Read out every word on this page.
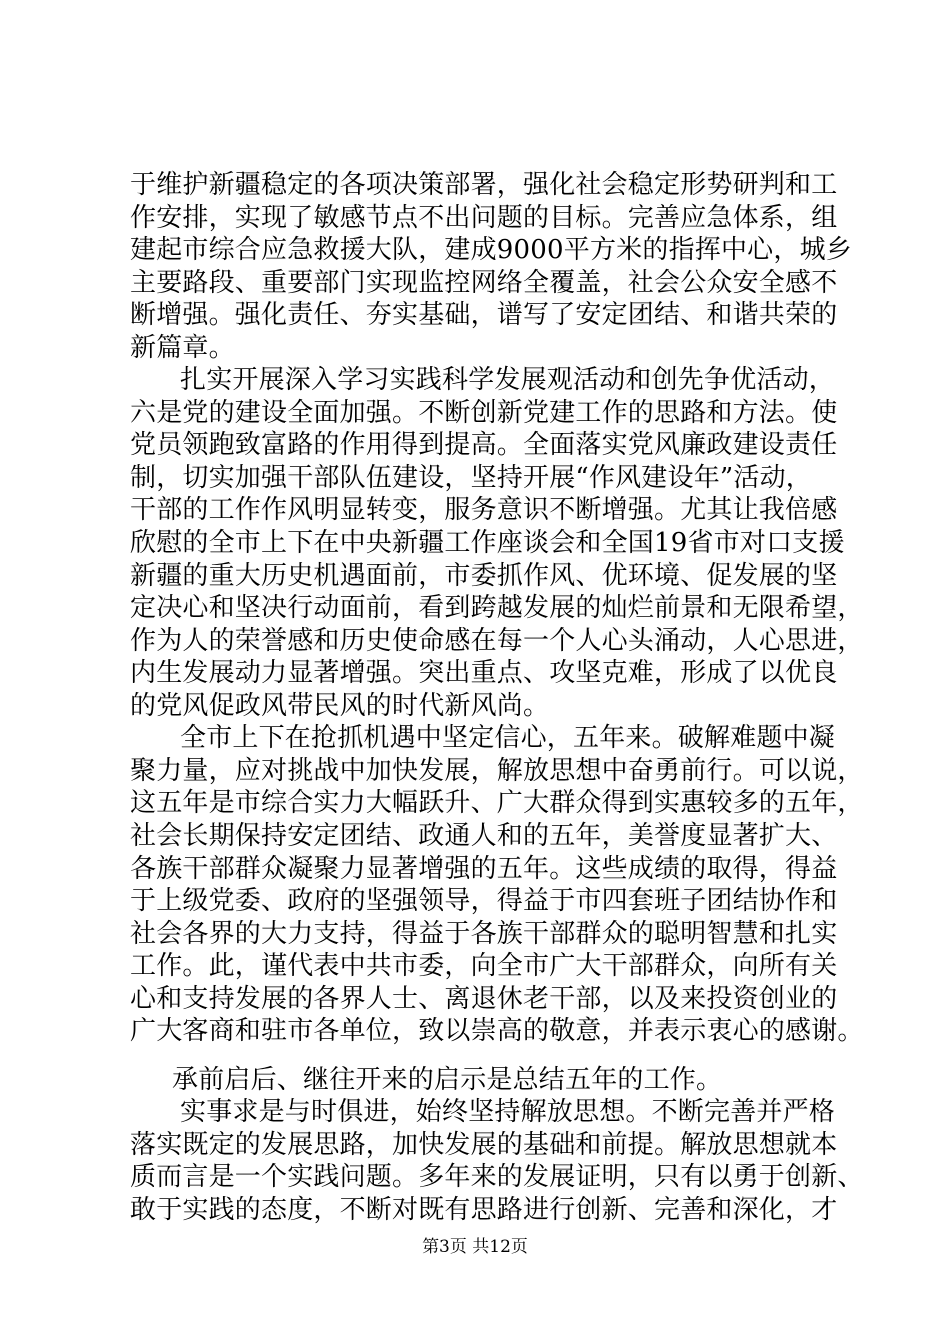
于维护新疆稳定的各项决策部署，强化社会稳定形势研判和工
作安排，实现了敏感节点不出问题的目标。完善应急体系，组
建起市综合应急救援大队，建成9000平方米的指挥中心，城乡
主要路段、重要部门实现监控网络全覆盖，社会公众安全感不
断增强。强化责任、夯实基础，谱写了安定团结、和谐共荣的
新篇章。
扎实开展深入学习实践科学发展观活动和创先争优活动，
六是党的建设全面加强。不断创新党建工作的思路和方法。使
党员领跑致富路的作用得到提高。全面落实党风廉政建设责任
制，切实加强干部队伍建设，坚持开展“作风建设年”活动，
干部的工作作风明显转变，服务意识不断增强。尤其让我倍感
欣慰的全市上下在中央新疆工作座谈会和全国19省市对口支援
新疆的重大历史机遇面前，市委抓作风、优环境、促发展的坚
定决心和坚决行动面前，看到跨越发展的灿烂前景和无限希望，
作为人的荣誉感和历史使命感在每一个人心头涌动，人心思进，
内生发展动力显著增强。突出重点、攻坚克难，形成了以优良
的党风促政风带民风的时代新风尚。
全市上下在抢抓机遇中坚定信心，五年来。破解难题中凝
聚力量，应对挑战中加快发展，解放思想中奋勇前行。可以说，
这五年是市综合实力大幅跃升、广大群众得到实惠较多的五年，
社会长期保持安定团结、政通人和的五年，美誉度显著扩大、
各族干部群众凝聚力显著增强的五年。这些成绩的取得，得益
于上级党委、政府的坚强领导，得益于市四套班子团结协作和
社会各界的大力支持，得益于各族干部群众的聪明智慧和扎实
工作。此，谨代表中共市委，向全市广大干部群众，向所有关
心和支持发展的各界人士、离退休老干部，以及来投资创业的
广大客商和驻市各单位，致以崇高的敬意，并表示衷心的感谢。
承前启后、继往开来的启示是总结五年的工作。
实事求是与时俱进，始终坚持解放思想。不断完善并严格
落实既定的发展思路，加快发展的基础和前提。解放思想就本
质而言是一个实践问题。多年来的发展证明，只有以勇于创新、
敢于实践的态度，不断对既有思路进行创新、完善和深化，才
第3页 共12页
